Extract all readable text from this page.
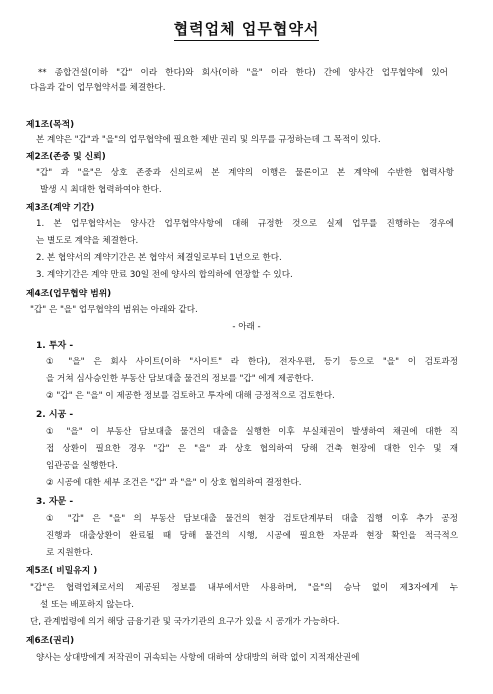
협력업체 업무협약서
** 종합건설(이하 "갑" 이라 한다)와 회사(이하 "을" 이라 한다) 간에 양사간 업무협약에 있어
다음과 같이 업무협약서를 체결한다.
제1조(목적)
본 계약은 "갑"과 "을"의 업무협약에 필요한 제반 권리 및 의무를 규정하는데 그 목적이 있다.
제2조(존중 및 신뢰)
"갑" 과 "을"은 상호 존중과 신의로써 본 계약의 이행은 물론이고 본 계약에 수반한 협력사항
발생 시 최대한 협력하여야 한다.
제3조(계약 기간)
1. 본 업무협약서는 양사간 업무협약사항에 대해 규정한 것으로 실제 업무를 진행하는 경우에
는 별도로 계약을 체결한다.
2. 본 협약서의 계약기간은 본 협약서 체결일로부터 1년으로 한다.
3. 계약기간은 계약 만료 30일 전에 양사의 합의하에 연장할 수 있다.
제4조(업무협약 범위)
"갑" 은 "을" 업무협약의 범위는 아래와 같다.
- 아래 -
1. 투자 -
① "을" 은 회사 사이트(이하 "사이트" 라 한다), 전자우편, 등기 등으로 "을" 이 검토과정
을 거쳐 심사승인한 부동산 담보대출 물건의 정보를 "갑" 에게 제공한다.
② "갑" 은 "을" 이 제공한 정보를 검토하고 투자에 대해 긍정적으로 검토한다.
2. 시공 -
① "을" 이 부동산 담보대출 물건의 대출을 실행한 이후 부실채권이 발생하여 채권에 대한 직
접 상환이 필요한 경우 "갑" 은 "을" 과 상호 협의하여 당해 건축 현장에 대한 인수 및 재
임관공을 실행한다.
② 시공에 대한 세부 조건은 "갑" 과 "을" 이 상호 협의하여 결정한다.
3. 자문 -
① "갑" 은 "을" 의 부동산 담보대출 물건의 현장 검토단계부터 대출 집행 이후 추가 공정
진행과 대출상환이 완료될 때 당해 물건의 시행, 시공에 필요한 자문과 현장 확인을 적극적으
로 지원한다.
제5조( 비밀유지 )
"갑"은 협력업체로서의 제공된 정보를 내부에서만 사용하며, "을"의 승낙 없이 제3자에게 누
설 또는 배포하지 않는다.
단, 관계법령에 의거 해당 금융기관 및 국가기관의 요구가 있을 시 공개가 가능하다.
제6조(권리)
양사는 상대방에게 저작권이 귀속되는 사항에 대하여 상대방의 허락 없이 지적재산권에
